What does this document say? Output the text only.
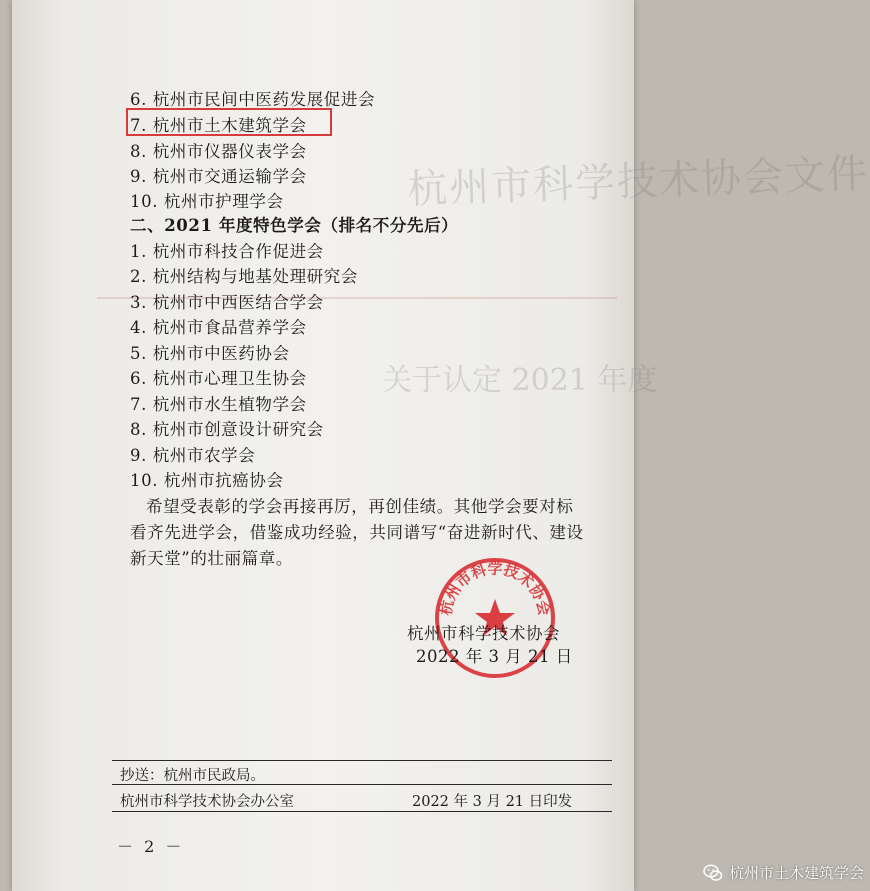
杭州市科学技术协会文件
关于认定 2021 年度
6. 杭州市民间中医药发展促进会
7. 杭州市土木建筑学会
8. 杭州市仪器仪表学会
9. 杭州市交通运输学会
10. 杭州市护理学会
二、2021 年度特色学会（排名不分先后）
1. 杭州市科技合作促进会
2. 杭州结构与地基处理研究会
3. 杭州市中西医结合学会
4. 杭州市食品营养学会
5. 杭州市中医药协会
6. 杭州市心理卫生协会
7. 杭州市水生植物学会
8. 杭州市创意设计研究会
9. 杭州市农学会
10. 杭州市抗癌协会
希望受表彰的学会再接再厉，再创佳绩。其他学会要对标
看齐先进学会，借鉴成功经验，共同谱写“奋进新时代、建设
新天堂”的壮丽篇章。
杭州市科学技术协会
杭州市科学技术协会
2022 年 3 月 21 日
抄送：杭州市民政局。
杭州市科学技术协会办公室	2022 年 3 月 21 日印发
－ 2 －
杭州市土木建筑学会
